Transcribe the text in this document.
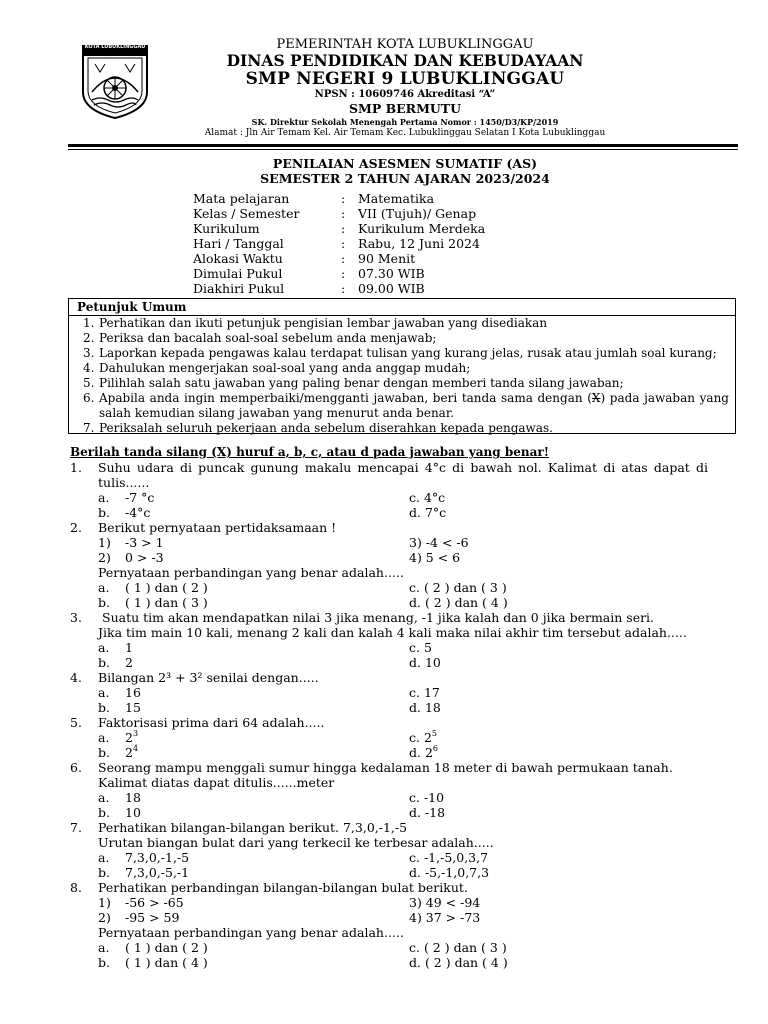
KOTA LUBUKLINGGAU	PEMERINTAH KOTA LUBUKLINGGAU
DINAS PENDIDIKAN DAN KEBUDAYAAN
SMP NEGERI 9 LUBUKLINGGAU
NPSN : 10609746 Akreditasi “A”
SMP BERMUTU
SK. Direktur Sekolah Menengah Pertama Nomor : 1450/D3/KP/2019
Alamat : Jln Air Temam Kel. Air Temam Kec. Lubuklinggau Selatan I Kota Lubuklinggau
PENILAIAN ASESMEN SUMATIF (AS)
SEMESTER 2 TAHUN AJARAN 2023/2024
Mata pelajaran	: Matematika
Kelas / Semester	: VII (Tujuh)/ Genap
Kurikulum	: Kurikulum Merdeka
Hari / Tanggal	: Rabu, 12 Juni 2024
Alokasi Waktu	: 90 Menit
Dimulai Pukul	: 07.30 WIB
Diakhiri Pukul	: 09.00 WIB
Petunjuk Umum
1. Perhatikan dan ikuti petunjuk pengisian lembar jawaban yang disediakan
2. Periksa dan bacalah soal-soal sebelum anda menjawab;
3. Laporkan kepada pengawas kalau terdapat tulisan yang kurang jelas, rusak atau jumlah soal kurang;
4. Dahulukan mengerjakan soal-soal yang anda anggap mudah;
5. Pilihlah salah satu jawaban yang paling benar dengan memberi tanda silang jawaban;
6. Apabila anda ingin memperbaiki/mengganti jawaban, beri tanda sama dengan (X) pada jawaban yang salah kemudian silang jawaban yang menurut anda benar.
7. Periksalah seluruh pekerjaan anda sebelum diserahkan kepada pengawas.
Berilah tanda silang (X) huruf a, b, c, atau d pada jawaban yang benar!
1. Suhu udara di puncak gunung makalu mencapai 4°c di bawah nol. Kalimat di atas dapat di tulis......
a. -7 °c	c. 4°c
b. -4°c	d. 7°c
2. Berikut pernyataan pertidaksamaan !
1) -3 > 1	3) -4 < -6
2) 0 > -3	4) 5 < 6
Pernyataan perbandingan yang benar adalah.....
a. ( 1 ) dan ( 2 )	c. ( 2 ) dan ( 3 )
b. ( 1 ) dan ( 3 )	d. ( 2 ) dan ( 4 )
3. Suatu tim akan mendapatkan nilai 3 jika menang, -1 jika kalah dan 0 jika bermain seri.
Jika tim main 10 kali, menang 2 kali dan kalah 4 kali maka nilai akhir tim tersebut adalah.....
a. 1	c. 5
b. 2	d. 10
4. Bilangan 2³ + 3² senilai dengan.....
a. 16	c. 17
b. 15	d. 18
5. Faktorisasi prima dari 64 adalah.....
a. $2^3$	c. $2^5$
b. $2^4$	d. $2^6$
6. Seorang mampu menggali sumur hingga kedalaman 18 meter di bawah permukaan tanah.
Kalimat diatas dapat ditulis......meter
a. 18	c. -10
b. 10	d. -18
7. Perhatikan bilangan-bilangan berikut. 7,3,0,-1,-5
Urutan biangan bulat dari yang terkecil ke terbesar adalah.....
a. 7,3,0,-1,-5	c. -1,-5,0,3,7
b. 7,3,0,-5,-1	d. -5,-1,0,7,3
8. Perhatikan perbandingan bilangan-bilangan bulat berikut.
1) -56 > -65	3) 49 < -94
2) -95 > 59	4) 37 > -73
Pernyataan perbandingan yang benar adalah.....
a. ( 1 ) dan ( 2 )	c. ( 2 ) dan ( 3 )
b. ( 1 ) dan ( 4 )	d. ( 2 ) dan ( 4 )
